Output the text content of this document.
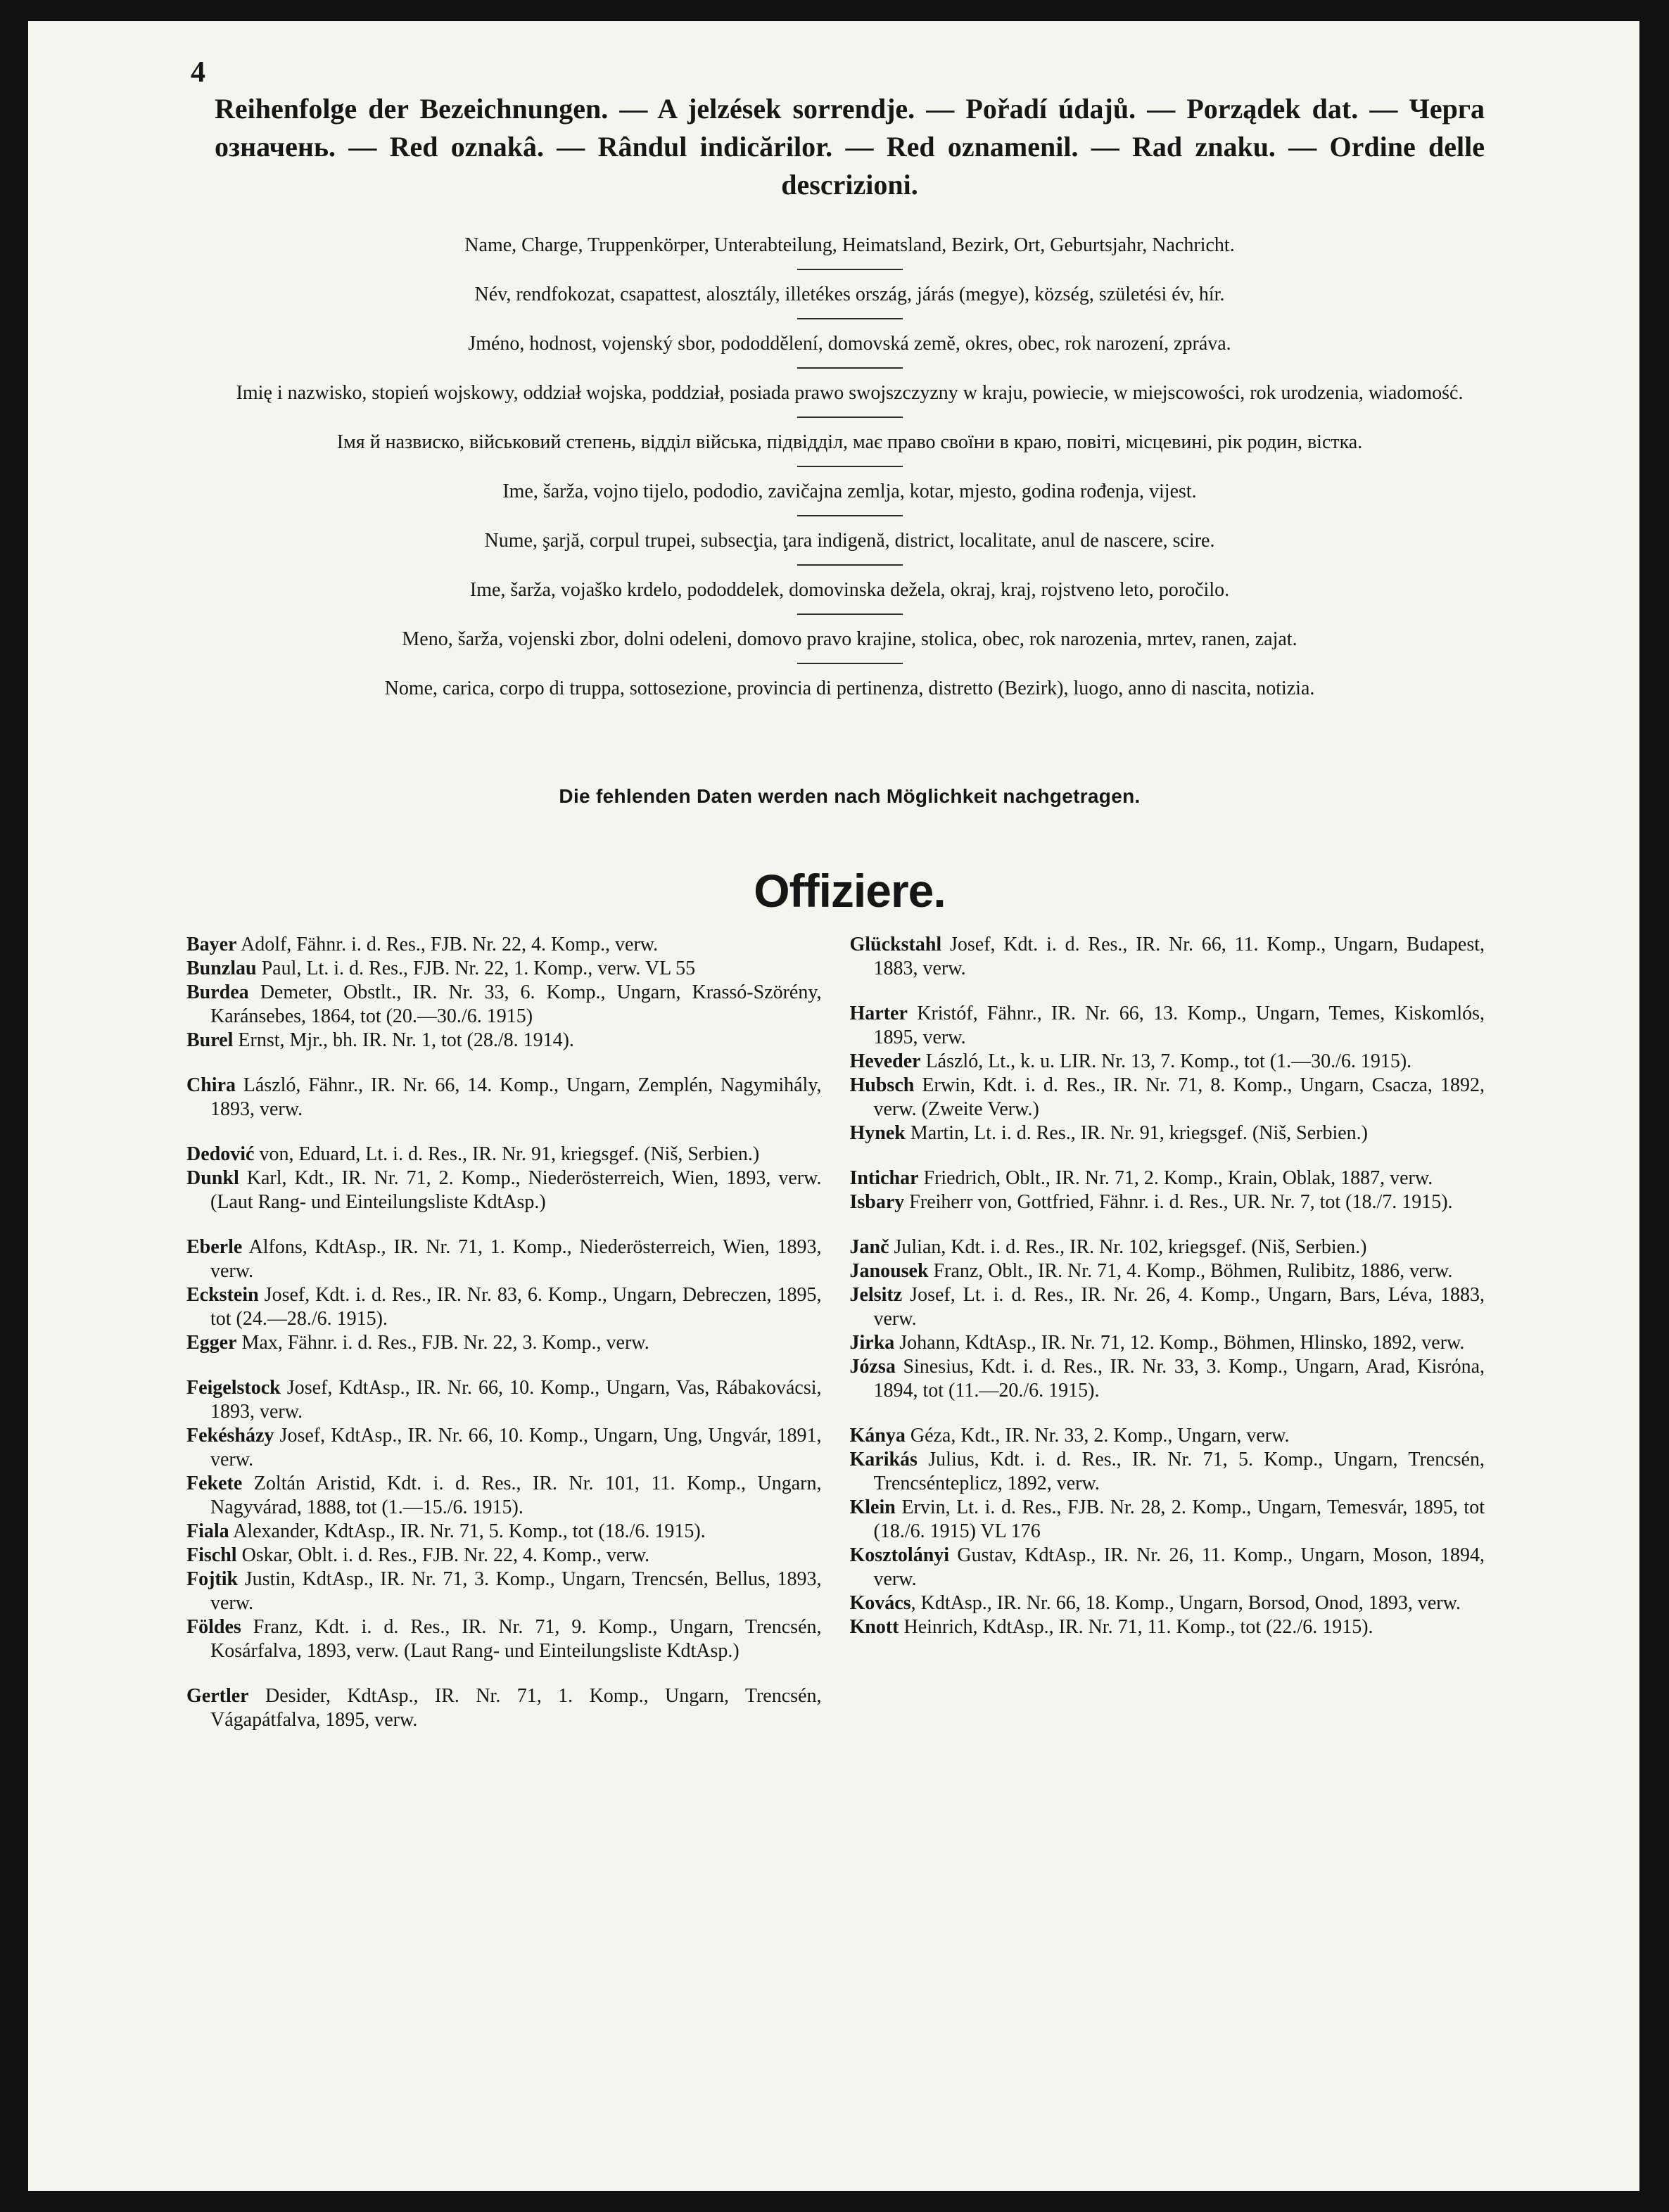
4
Reihenfolge der Bezeichnungen. — A jelzések sorrendje. — Pořadí údajů. — Porządek dat. — Черга означень. — Red oznakâ. — Rândul indicărilor. — Red oznamenil. — Rad znaku. — Ordine delle descrizioni.
Name, Charge, Truppenkörper, Unterabteilung, Heimatsland, Bezirk, Ort, Geburtsjahr, Nachricht.
Név, rendfokozat, csapattest, alosztály, illetékes ország, járás (megye), község, születési év, hír.
Jméno, hodnost, vojenský sbor, pododdělení, domovská země, okres, obec, rok narození, zpráva.
Imię i nazwisko, stopień wojskowy, oddział wojska, poddział, posiada prawo swojszczyzny w kraju, powiecie, w miejscowości, rok urodzenia, wiadomość.
Імя й назвиско, військовий степень, відділ війська, підвідділ, має право своїни в краю, повіті, місцевині, рік родин, вістка.
Ime, šarža, vojno tijelo, pododio, zavičajna zemlja, kotar, mjesto, godina rođenja, vijest.
Nume, şarjă, corpul trupei, subsecţia, ţara indigenă, district, localitate, anul de nascere, scire.
Ime, šarža, vojaško krdelo, pododdelek, domovinska dežela, okraj, kraj, rojstveno leto, poročilo.
Meno, šarža, vojenski zbor, dolni odeleni, domovo pravo krajine, stolica, obec, rok narozenia, mrtev, ranen, zajat.
Nome, carica, corpo di truppa, sottosezione, provincia di pertinenza, distretto (Bezirk), luogo, anno di nascita, notizia.
Die fehlenden Daten werden nach Möglichkeit nachgetragen.
Offiziere.
Bayer Adolf, Fähnr. i. d. Res., FJB. Nr. 22, 4. Komp., verw.
Bunzlau Paul, Lt. i. d. Res., FJB. Nr. 22, 1. Komp., verw. VL 55
Burdea Demeter, Obstlt., IR. Nr. 33, 6. Komp., Ungarn, Krassó-Szörény, Karánsebes, 1864, tot (20.—30./6. 1915)
Burel Ernst, Mjr., bh. IR. Nr. 1, tot (28./8. 1914).
Chira László, Fähnr., IR. Nr. 66, 14. Komp., Ungarn, Zemplén, Nagymihály, 1893, verw.
Dedović von, Eduard, Lt. i. d. Res., IR. Nr. 91, kriegsgef. (Niš, Serbien.)
Dunkl Karl, Kdt., IR. Nr. 71, 2. Komp., Niederösterreich, Wien, 1893, verw. (Laut Rang- und Einteilungsliste KdtAsp.)
Eberle Alfons, KdtAsp., IR. Nr. 71, 1. Komp., Niederösterreich, Wien, 1893, verw.
Eckstein Josef, Kdt. i. d. Res., IR. Nr. 83, 6. Komp., Ungarn, Debreczen, 1895, tot (24.—28./6. 1915).
Egger Max, Fähnr. i. d. Res., FJB. Nr. 22, 3. Komp., verw.
Feigelstock Josef, KdtAsp., IR. Nr. 66, 10. Komp., Ungarn, Vas, Rábakovácsi, 1893, verw.
Fekésházy Josef, KdtAsp., IR. Nr. 66, 10. Komp., Ungarn, Ung, Ungvár, 1891, verw.
Fekete Zoltán Aristid, Kdt. i. d. Res., IR. Nr. 101, 11. Komp., Ungarn, Nagyvárad, 1888, tot (1.—15./6. 1915).
Fiala Alexander, KdtAsp., IR. Nr. 71, 5. Komp., tot (18./6. 1915).
Fischl Oskar, Oblt. i. d. Res., FJB. Nr. 22, 4. Komp., verw.
Fojtik Justin, KdtAsp., IR. Nr. 71, 3. Komp., Ungarn, Trencsén, Bellus, 1893, verw.
Földes Franz, Kdt. i. d. Res., IR. Nr. 71, 9. Komp., Ungarn, Trencsén, Kosárfalva, 1893, verw. (Laut Rang- und Einteilungsliste KdtAsp.)
Gertler Desider, KdtAsp., IR. Nr. 71, 1. Komp., Ungarn, Trencsén, Vágapátfalva, 1895, verw.
Glückstahl Josef, Kdt. i. d. Res., IR. Nr. 66, 11. Komp., Ungarn, Budapest, 1883, verw.
Harter Kristóf, Fähnr., IR. Nr. 66, 13. Komp., Ungarn, Temes, Kiskomlós, 1895, verw.
Heveder László, Lt., k. u. LIR. Nr. 13, 7. Komp., tot (1.—30./6. 1915).
Hubsch Erwin, Kdt. i. d. Res., IR. Nr. 71, 8. Komp., Ungarn, Csacza, 1892, verw. (Zweite Verw.)
Hynek Martin, Lt. i. d. Res., IR. Nr. 91, kriegsgef. (Niš, Serbien.)
Intichar Friedrich, Oblt., IR. Nr. 71, 2. Komp., Krain, Oblak, 1887, verw.
Isbary Freiherr von, Gottfried, Fähnr. i. d. Res., UR. Nr. 7, tot (18./7. 1915).
Janč Julian, Kdt. i. d. Res., IR. Nr. 102, kriegsgef. (Niš, Serbien.)
Janousek Franz, Oblt., IR. Nr. 71, 4. Komp., Böhmen, Rulibitz, 1886, verw.
Jelsitz Josef, Lt. i. d. Res., IR. Nr. 26, 4. Komp., Ungarn, Bars, Léva, 1883, verw.
Jirka Johann, KdtAsp., IR. Nr. 71, 12. Komp., Böhmen, Hlinsko, 1892, verw.
Józsa Sinesius, Kdt. i. d. Res., IR. Nr. 33, 3. Komp., Ungarn, Arad, Kisrόna, 1894, tot (11.—20./6. 1915).
Kánya Géza, Kdt., IR. Nr. 33, 2. Komp., Ungarn, verw.
Karikás Julius, Kdt. i. d. Res., IR. Nr. 71, 5. Komp., Ungarn, Trencsén, Trencsénteplicz, 1892, verw.
Klein Ervin, Lt. i. d. Res., FJB. Nr. 28, 2. Komp., Ungarn, Temesvár, 1895, tot (18./6. 1915) VL 176
Kosztolányi Gustav, KdtAsp., IR. Nr. 26, 11. Komp., Ungarn, Moson, 1894, verw.
Kovács, KdtAsp., IR. Nr. 66, 18. Komp., Ungarn, Borsod, Onod, 1893, verw.
Knott Heinrich, KdtAsp., IR. Nr. 71, 11. Komp., tot (22./6. 1915).
